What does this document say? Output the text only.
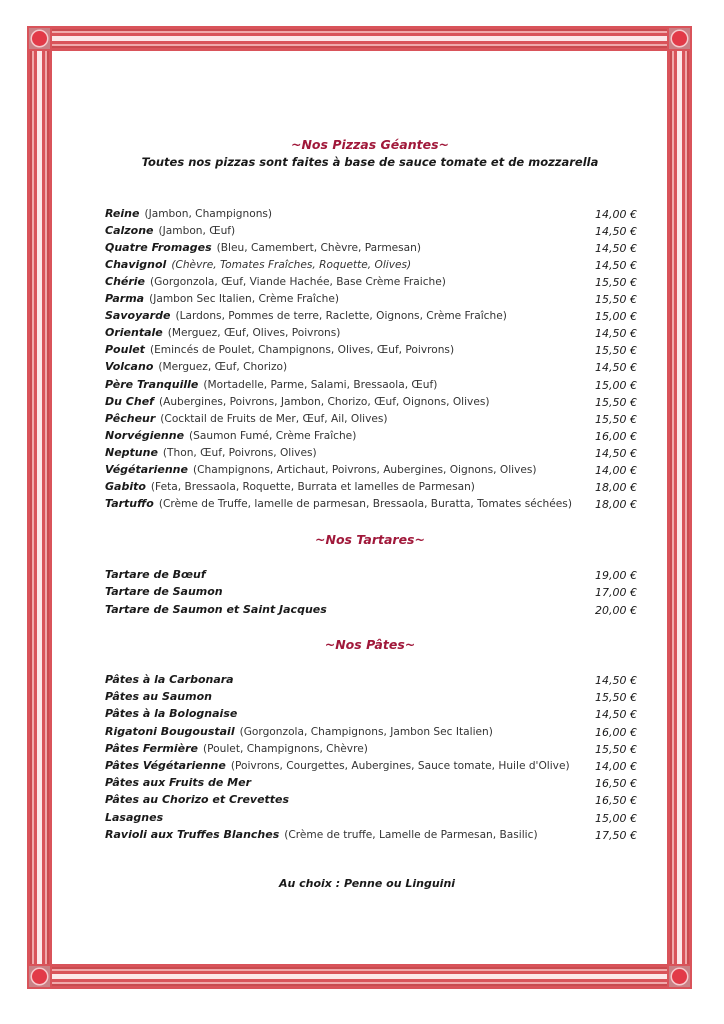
~Nos Pizzas Géantes~
Toutes nos pizzas sont faites à base de sauce tomate et de mozzarella
Reine (Jambon, Champignons)	14,00 €
Calzone (Jambon, Œuf)	14,50 €
Quatre Fromages (Bleu, Camembert, Chèvre, Parmesan)	14,50 €
Chavignol (Chèvre, Tomates Fraîches, Roquette, Olives)	14,50 €
Chérie (Gorgonzola, Œuf, Viande Hachée, Base Crème Fraiche)	15,50 €
Parma (Jambon Sec Italien, Crème Fraîche)	15,50 €
Savoyarde (Lardons, Pommes de terre, Raclette, Oignons, Crème Fraîche)	15,00 €
Orientale (Merguez, Œuf, Olives, Poivrons)	14,50 €
Poulet (Emincés de Poulet, Champignons, Olives, Œuf, Poivrons)	15,50 €
Volcano (Merguez, Œuf, Chorizo)	14,50 €
Père Tranquille (Mortadelle, Parme, Salami, Bressaola, Œuf)	15,00 €
Du Chef (Aubergines, Poivrons, Jambon, Chorizo, Œuf, Oignons, Olives)	15,50 €
Pêcheur (Cocktail de Fruits de Mer, Œuf, Ail, Olives)	15,50 €
Norvégienne (Saumon Fumé, Crème Fraîche)	16,00 €
Neptune (Thon, Œuf, Poivrons, Olives)	14,50 €
Végétarienne (Champignons, Artichaut, Poivrons, Aubergines, Oignons, Olives)	14,00 €
Gabito (Feta, Bressaola, Roquette, Burrata et lamelles de Parmesan)	18,00 €
Tartuffo (Crème de Truffe, lamelle de parmesan, Bressaola, Buratta, Tomates séchées) 18,00 €
~Nos Tartares~
Tartare de Bœuf	19,00 €
Tartare de Saumon	17,00 €
Tartare de Saumon et Saint Jacques	20,00 €
~Nos Pâtes~
Pâtes à la Carbonara	14,50 €
Pâtes au Saumon	15,50 €
Pâtes à la Bolognaise	14,50 €
Rigatoni Bougoustail (Gorgonzola, Champignons, Jambon Sec Italien)	16,00 €
Pâtes Fermière (Poulet, Champignons, Chèvre)	15,50 €
Pâtes Végétarienne (Poivrons, Courgettes, Aubergines, Sauce tomate, Huile d'Olive) 14,00 €
Pâtes aux Fruits de Mer	16,50 €
Pâtes au Chorizo et Crevettes	16,50 €
Lasagnes	15,00 €
Ravioli aux Truffes Blanches (Crème de truffe, Lamelle de Parmesan, Basilic)	17,50 €
Au choix : Penne ou Linguini
